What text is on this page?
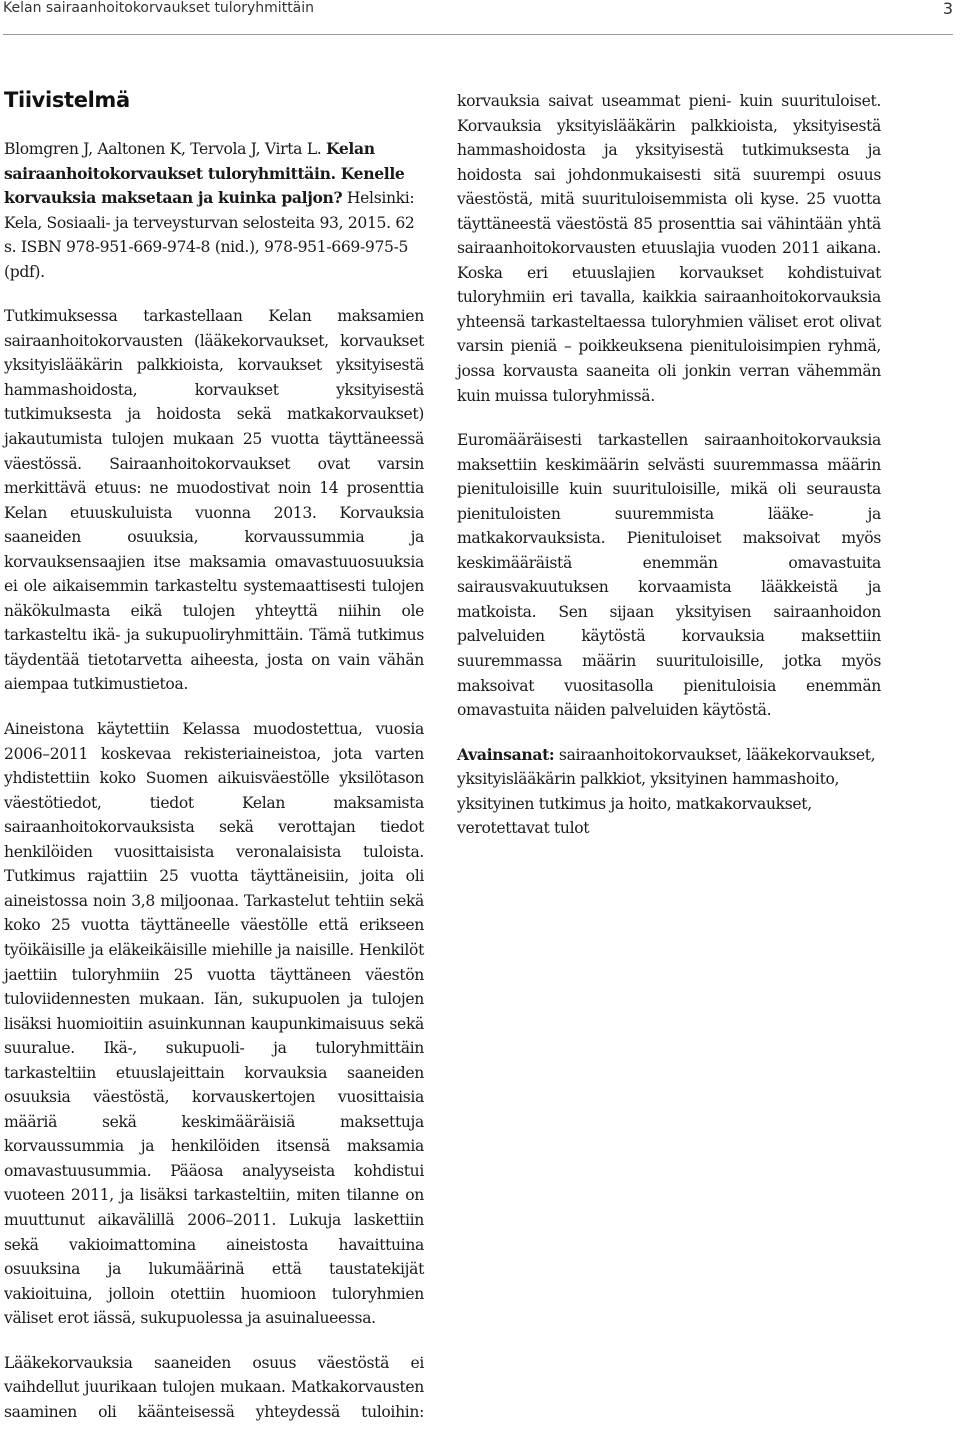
Kelan sairaanhoitokorvaukset tuloryhmittäin	3
Tiivistelmä

Blomgren J, Aaltonen K, Tervola J, Virta L. Kelan sairaanhoitokorvaukset tuloryhmittäin. Kenelle korvauksia maksetaan ja kuinka paljon? Helsinki: Kela, Sosiaali- ja terveysturvan selosteita 93, 2015. 62 s. ISBN 978-951-669-974-8 (nid.), 978-951-669-975-5 (pdf).

Tutkimuksessa tarkastellaan Kelan maksamien sairaanhoitokorvausten (lääkekorvaukset, korvaukset yksityislääkärin palkkioista, korvaukset yksityisestä hammashoidosta, korvaukset yksityisestä tutkimuksesta ja hoidosta sekä matkakorvaukset) jakautumista tulojen mukaan 25 vuotta täyttäneessä väestössä. Sairaanhoitokorvaukset ovat varsin merkittävä etuus: ne muodostivat noin 14 prosenttia Kelan etuuskuluista vuonna 2013. Korvauksia saaneiden osuuksia, korvaussummia ja korvauksensaajien itse maksamia omavastuuosuuksia ei ole aikaisemmin tarkasteltu systemaattisesti tulojen näkökulmasta eikä tulojen yhteyttä niihin ole tarkasteltu ikä- ja sukupuoliryhmittäin. Tämä tutkimus täydentää tietotarvetta aiheesta, josta on vain vähän aiempaa tutkimustietoa.

Aineistona käytettiin Kelassa muodostettua, vuosia 2006–2011 koskevaa rekisteriaineistoa, jota varten yhdistettiin koko Suomen aikuisväestölle yksilötason väestötiedot, tiedot Kelan maksamista sairaanhoitokorvauksista sekä verottajan tiedot henkilöiden vuosittaisista veronalaisista tuloista. Tutkimus rajattiin 25 vuotta täyttäneisiin, joita oli aineistossa noin 3,8 miljoonaa. Tarkastelut tehtiin sekä koko 25 vuotta täyttäneelle väestölle että erikseen työikäisille ja eläkeikäisille miehille ja naisille. Henkilöt jaettiin tuloryhmiin 25 vuotta täyttäneen väestön tuloviidennesten mukaan. Iän, sukupuolen ja tulojen lisäksi huomioitiin asuinkunnan kaupunkimaisuus sekä suuralue. Ikä-, sukupuoli- ja tuloryhmittäin tarkasteltiin etuuslajeittain korvauksia saaneiden osuuksia väestöstä, korvauskertojen vuosittaisia määriä sekä keskimääräisiä maksettuja korvaussummia ja henkilöiden itsensä maksamia omavastuusummia. Pääosa analyyseista kohdistui vuoteen 2011, ja lisäksi tarkasteltiin, miten tilanne on muuttunut aikavälillä 2006–2011. Lukuja laskettiin sekä vakioimattomina aineistosta havaittuina osuuksina ja lukumäärinä että taustatekijät vakioituina, jolloin otettiin huomioon tuloryhmien väliset erot iässä, sukupuolessa ja asuinalueessa.

Lääkekorvauksia saaneiden osuus väestöstä ei vaihdellut juurikaan tulojen mukaan. Matkakorvausten saaminen oli käänteisessä yhteydessä tuloihin:

korvauksia saivat useammat pieni- kuin suurituloiset. Korvauksia yksityislääkärin palkkioista, yksityisestä hammashoidosta ja yksityisestä tutkimuksesta ja hoidosta sai johdonmukaisesti sitä suurempi osuus väestöstä, mitä suurituloisemmista oli kyse. 25 vuotta täyttäneestä väestöstä 85 prosenttia sai vähintään yhtä sairaanhoitokorvausten etuuslajia vuoden 2011 aikana. Koska eri etuuslajien korvaukset kohdistuivat tuloryhmiin eri tavalla, kaikkia sairaanhoitokorvauksia yhteensä tarkasteltaessa tuloryhmien väliset erot olivat varsin pieniä – poikkeuksena pienituloisimpien ryhmä, jossa korvausta saaneita oli jonkin verran vähemmän kuin muissa tuloryhmissä.

Euromääräisesti tarkastellen sairaanhoitokorvauksia maksettiin keskimäärin selvästi suuremmassa määrin pienituloisille kuin suurituloisille, mikä oli seurausta pienituloisten suuremmista lääke- ja matkakorvauksista. Pienituloiset maksoivat myös keskimääräistä enemmän omavastuita sairausvakuutuksen korvaamista lääkkeistä ja matkoista. Sen sijaan yksityisen sairaanhoidon palveluiden käytöstä korvauksia maksettiin suuremmassa määrin suurituloisille, jotka myös maksoivat vuositasolla pienituloisia enemmän omavastuita näiden palveluiden käytöstä.

Avainsanat: sairaanhoitokorvaukset, lääkekorvaukset, yksityislääkärin palkkiot, yksityinen hammashoito, yksityinen tutkimus ja hoito, matkakorvaukset, verotettavat tulot
